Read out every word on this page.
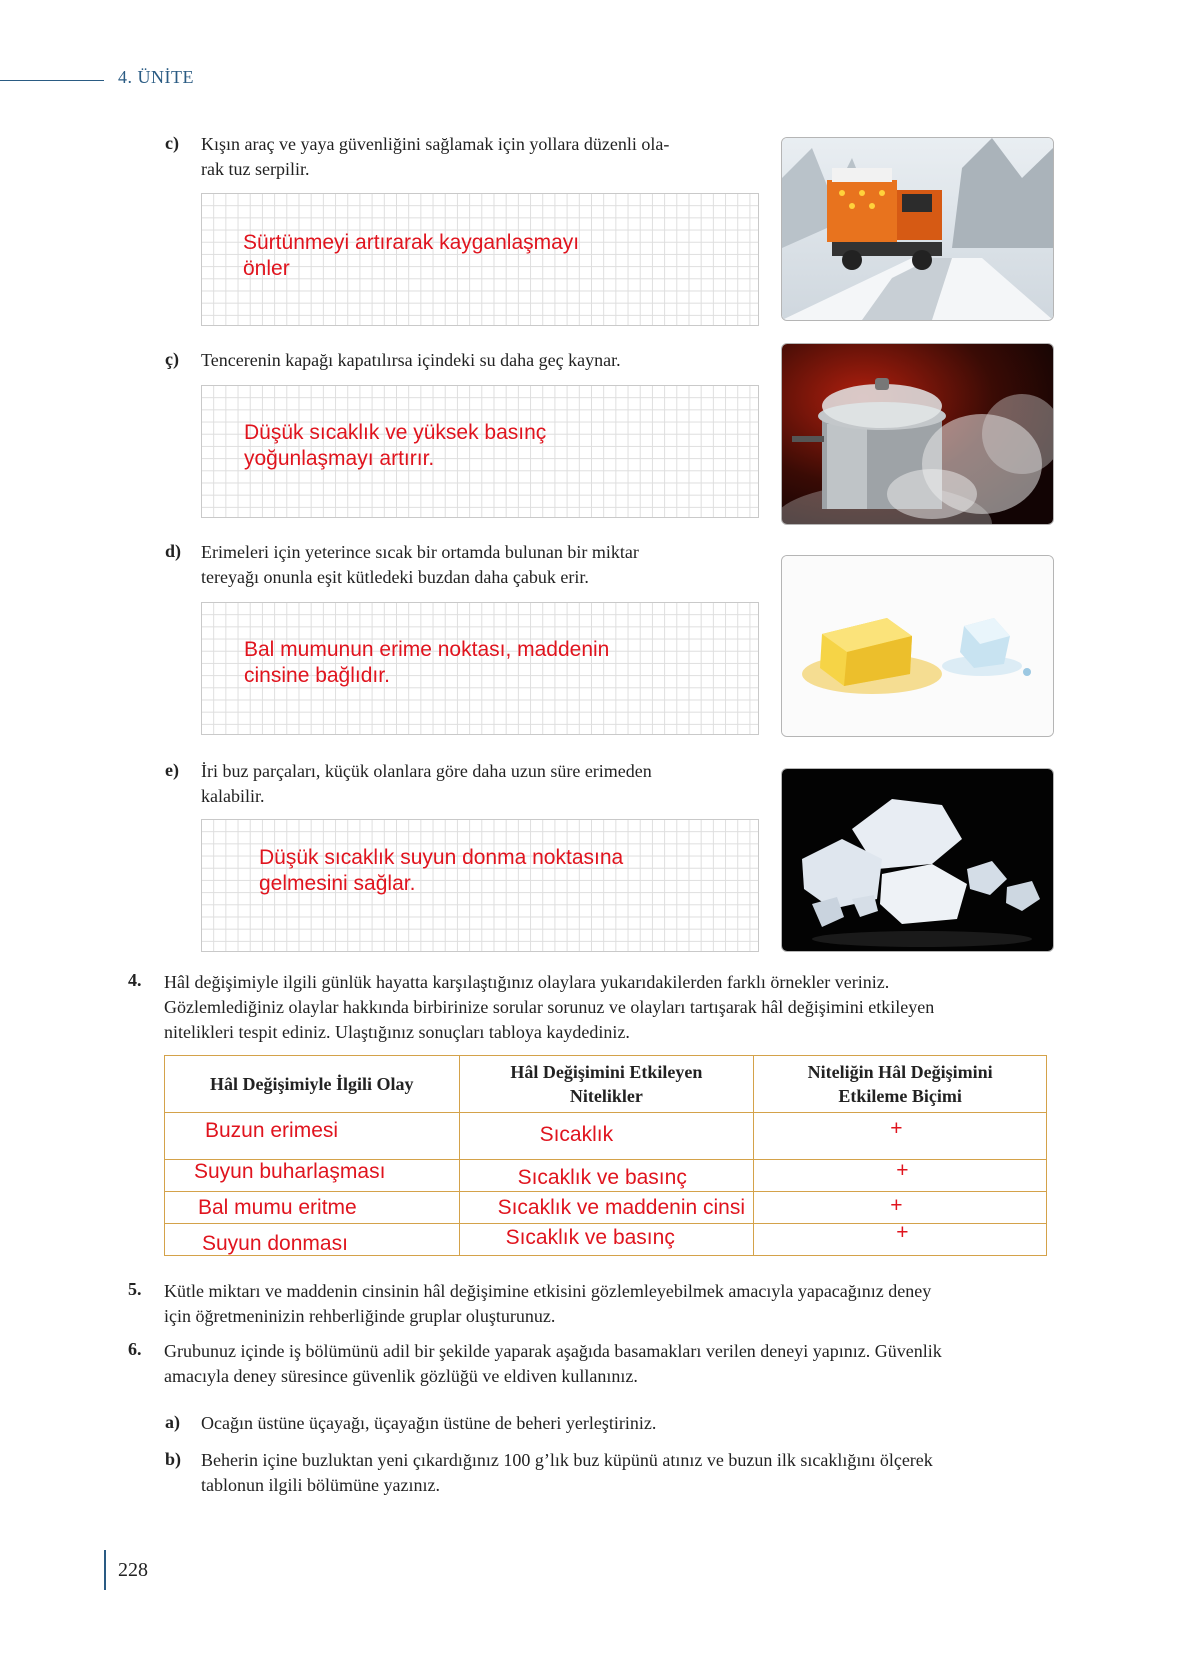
4. ÜNİTE
c) Kışın araç ve yaya güvenliğini sağlamak için yollara düzenli ola-
rak tuz serpilir.
Sürtünmeyi artırarak kayganlaşmayı
önler
ç) Tencerenin kapağı kapatılırsa içindeki su daha geç kaynar.
Düşük sıcaklık ve yüksek basınç
yoğunlaşmayı artırır.
d) Erimeleri için yeterince sıcak bir ortamda bulunan bir miktar
tereyağı onunla eşit kütledeki buzdan daha çabuk erir.
Bal mumunun erime noktası, maddenin
cinsine bağlıdır.
e) İri buz parçaları, küçük olanlara göre daha uzun süre erimeden
kalabilir.
Düşük sıcaklık suyun donma noktasına
gelmesini sağlar.
4. Hâl değişimiyle ilgili günlük hayatta karşılaştığınız olaylara yukarıdakilerden farklı örnekler veriniz.
Gözlemlediğiniz olaylar hakkında birbirinize sorular sorunuz ve olayları tartışarak hâl değişimini etkileyen
nitelikleri tespit ediniz. Ulaştığınız sonuçları tabloya kaydediniz.
Hâl Değişimiyle İlgili Olay	Hâl Değişimini Etkileyen Nitelikler	Niteliğin Hâl Değişimini Etkileme Biçimi

Buzun erimesi	Sıcaklık	+

Suyun buharlaşması	Sıcaklık ve basınç	+

Bal mumu eritme	Sıcaklık ve maddenin cinsi	+

Suyun donması	Sıcaklık ve basınç	+
5. Kütle miktarı ve maddenin cinsinin hâl değişimine etkisini gözlemleyebilmek amacıyla yapacağınız deney
için öğretmeninizin rehberliğinde gruplar oluşturunuz.
6. Grubunuz içinde iş bölümünü adil bir şekilde yaparak aşağıda basamakları verilen deneyi yapınız. Güvenlik
amacıyla deney süresince güvenlik gözlüğü ve eldiven kullanınız.
a) Ocağın üstüne üçayağı, üçayağın üstüne de beheri yerleştiriniz.
b) Beherin içine buzluktan yeni çıkardığınız 100 g’lık buz küpünü atınız ve buzun ilk sıcaklığını ölçerek
tablonun ilgili bölümüne yazınız.
228
